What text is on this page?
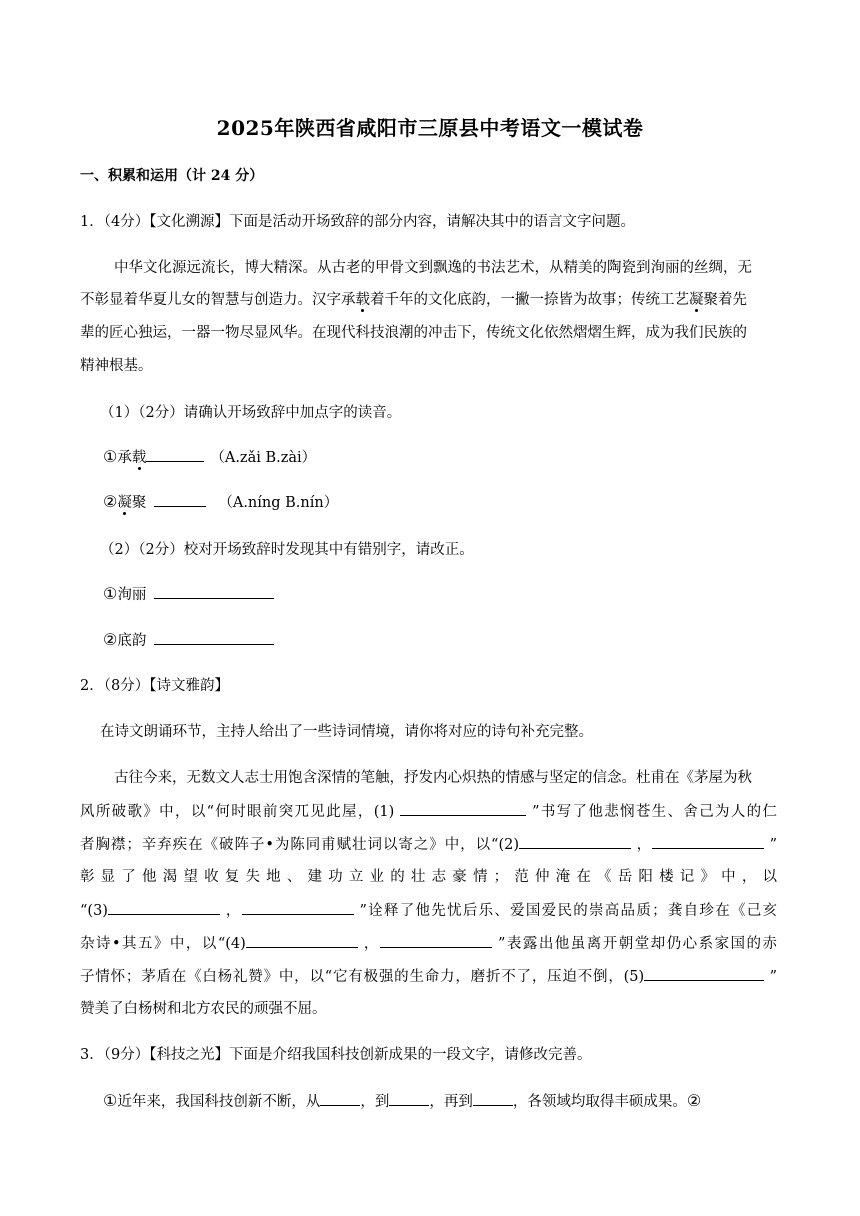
2025年陕西省咸阳市三原县中考语文一模试卷
一、积累和运用（计 24 分）
1．（4分）【文化溯源】下面是活动开场致辞的部分内容，请解决其中的语言文字问题。
中华文化源远流长，博大精深。从古老的甲骨文到飘逸的书法艺术，从精美的陶瓷到洵丽的丝绸，无
不彰显着华夏儿女的智慧与创造力。汉字承载着千年的文化底韵，一撇一捺皆为故事；传统工艺凝聚着先
辈的匠心独运，一器一物尽显风华。在现代科技浪潮的冲击下，传统文化依然熠熠生辉，成为我们民族的
精神根基。
（1）（2分）请确认开场致辞中加点字的读音。
①承载	（A.zǎi B.zài）
②凝聚	（A.níng B.nín）
（2）（2分）校对开场致辞时发现其中有错别字，请改正。
①洵丽
②底韵
2．（8分）【诗文雅韵】
在诗文朗诵环节，主持人给出了一些诗词情境，请你将对应的诗句补充完整。
古往今来，无数文人志士用饱含深情的笔触，抒发内心炽热的情感与坚定的信念。杜甫在《茅屋为秋
风所破歌》中，以“何时眼前突兀见此屋，(1)	”书写了他悲悯苍生、舍己为人的仁
者胸襟；辛弃疾在《破阵子•为陈同甫赋壮词以寄之》中，以“(2)	，	”
彰显了他渴望收复失地、建功立业的壮志豪情；范仲淹在《岳阳楼记》中，以
“(3)	，	”诠释了他先忧后乐、爱国爱民的崇高品质；龚自珍在《己亥
杂诗•其五》中，以“(4)	，	”表露出他虽离开朝堂却仍心系家国的赤
子情怀；茅盾在《白杨礼赞》中，以“它有极强的生命力，磨折不了，压迫不倒，(5)	”
赞美了白杨树和北方农民的顽强不屈。
3．（9分）【科技之光】下面是介绍我国科技创新成果的一段文字，请修改完善。
①近年来，我国科技创新不断，从	，到	，再到	，各领域均取得丰硕成果。②
